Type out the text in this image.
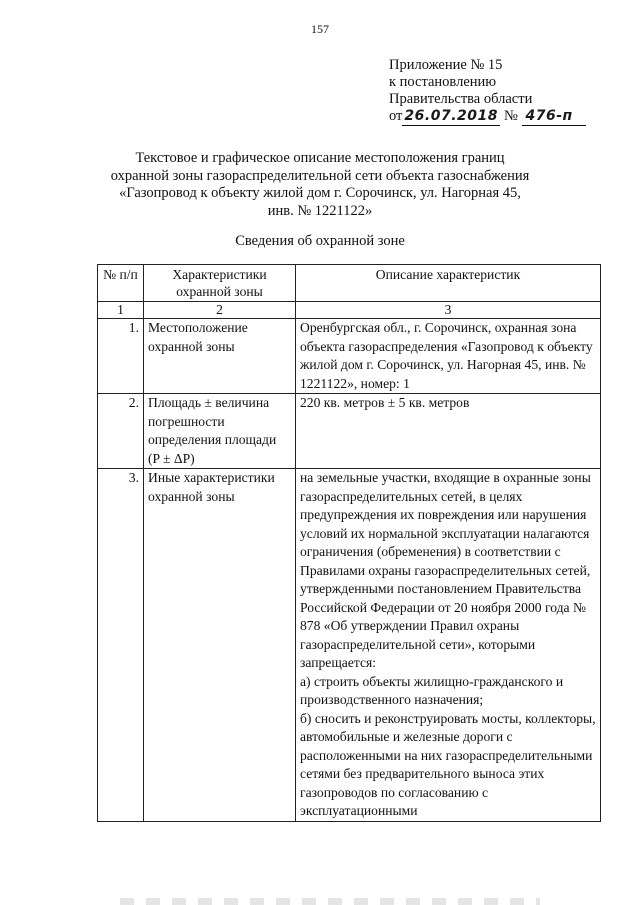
157
Приложение № 15
к постановлению
Правительства области
от 26.07.2018 № 476-п
Текстовое и графическое описание местоположения границ
охранной зоны газораспределительной сети объекта газоснабжения
«Газопровод к объекту жилой дом г. Сорочинск, ул. Нагорная 45,
инв. № 1221122»
Сведения об охранной зоне
№ п/п	Характеристики охранной зоны	Описание характеристик
1	2	3
1.	Местоположение охранной зоны	Оренбургская обл., г. Сорочинск, охранная зона объекта газораспределения «Газопровод к объекту жилой дом г. Сорочинск, ул. Нагорная 45, инв. № 1221122», номер: 1
2.	Площадь ± величина погрешности определения площади (P ± ΔP)	220 кв. метров ± 5 кв. метров
3.	Иные характеристики охранной зоны	на земельные участки, входящие в охранные зоны газораспределительных сетей, в целях предупреждения их повреждения или нарушения условий их нормальной эксплуатации налагаются ограничения (обременения) в соответствии с Правилами охраны газораспределительных сетей, утвержденными постановлением Правительства Российской Федерации от 20 ноября 2000 года № 878 «Об утверждении Правил охраны газораспределительной сети», которыми запрещается:
а) строить объекты жилищно-гражданского и производственного назначения;
б) сносить и реконструировать мосты, коллекторы, автомобильные и железные дороги с расположенными на них газораспределительными сетями без предварительного выноса этих газопроводов по согласованию с эксплуатационными
